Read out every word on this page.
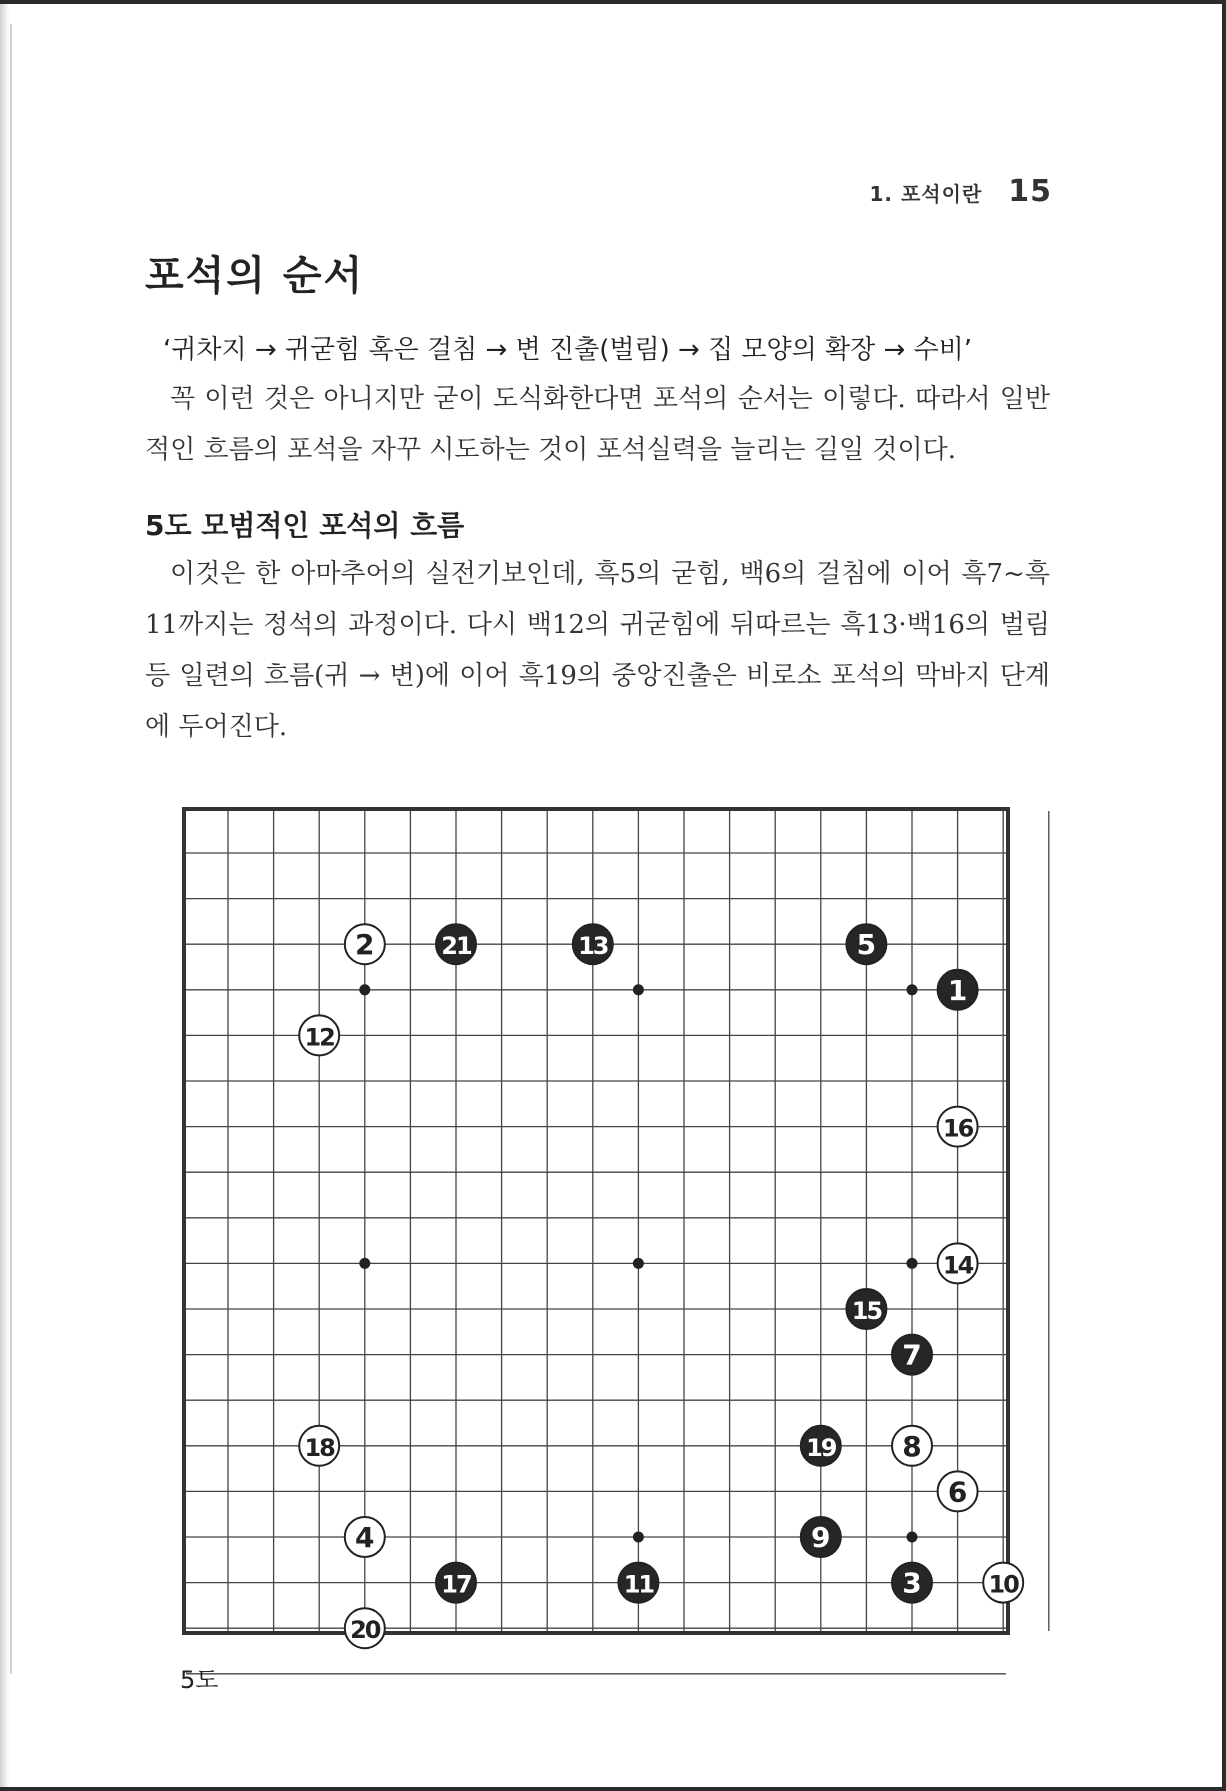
1. 포석이란 15
포석의 순서
‘귀차지 → 귀굳힘 혹은 걸침 → 변 진출(벌림) → 집 모양의 확장 → 수비’
꼭 이런 것은 아니지만 굳이 도식화한다면 포석의 순서는 이렇다. 따라서 일반적인 흐름의 포석을 자꾸 시도하는 것이 포석실력을 늘리는 길일 것이다.
5도 모범적인 포석의 흐름
이것은 한 아마추어의 실전기보인데, 흑5의 굳힘, 백6의 걸침에 이어 흑7~흑11까지는 정석의 과정이다. 다시 백12의 귀굳힘에 뒤따르는 흑13·백16의 벌림 등 일련의 흐름(귀 → 변)에 이어 흑19의 중앙진출은 비로소 포석의 막바지 단계에 두어진다.
1
2
3
4
5
6
7
8
9
10
11
12
13
14
15
16
17
18	19
20
21
5도
